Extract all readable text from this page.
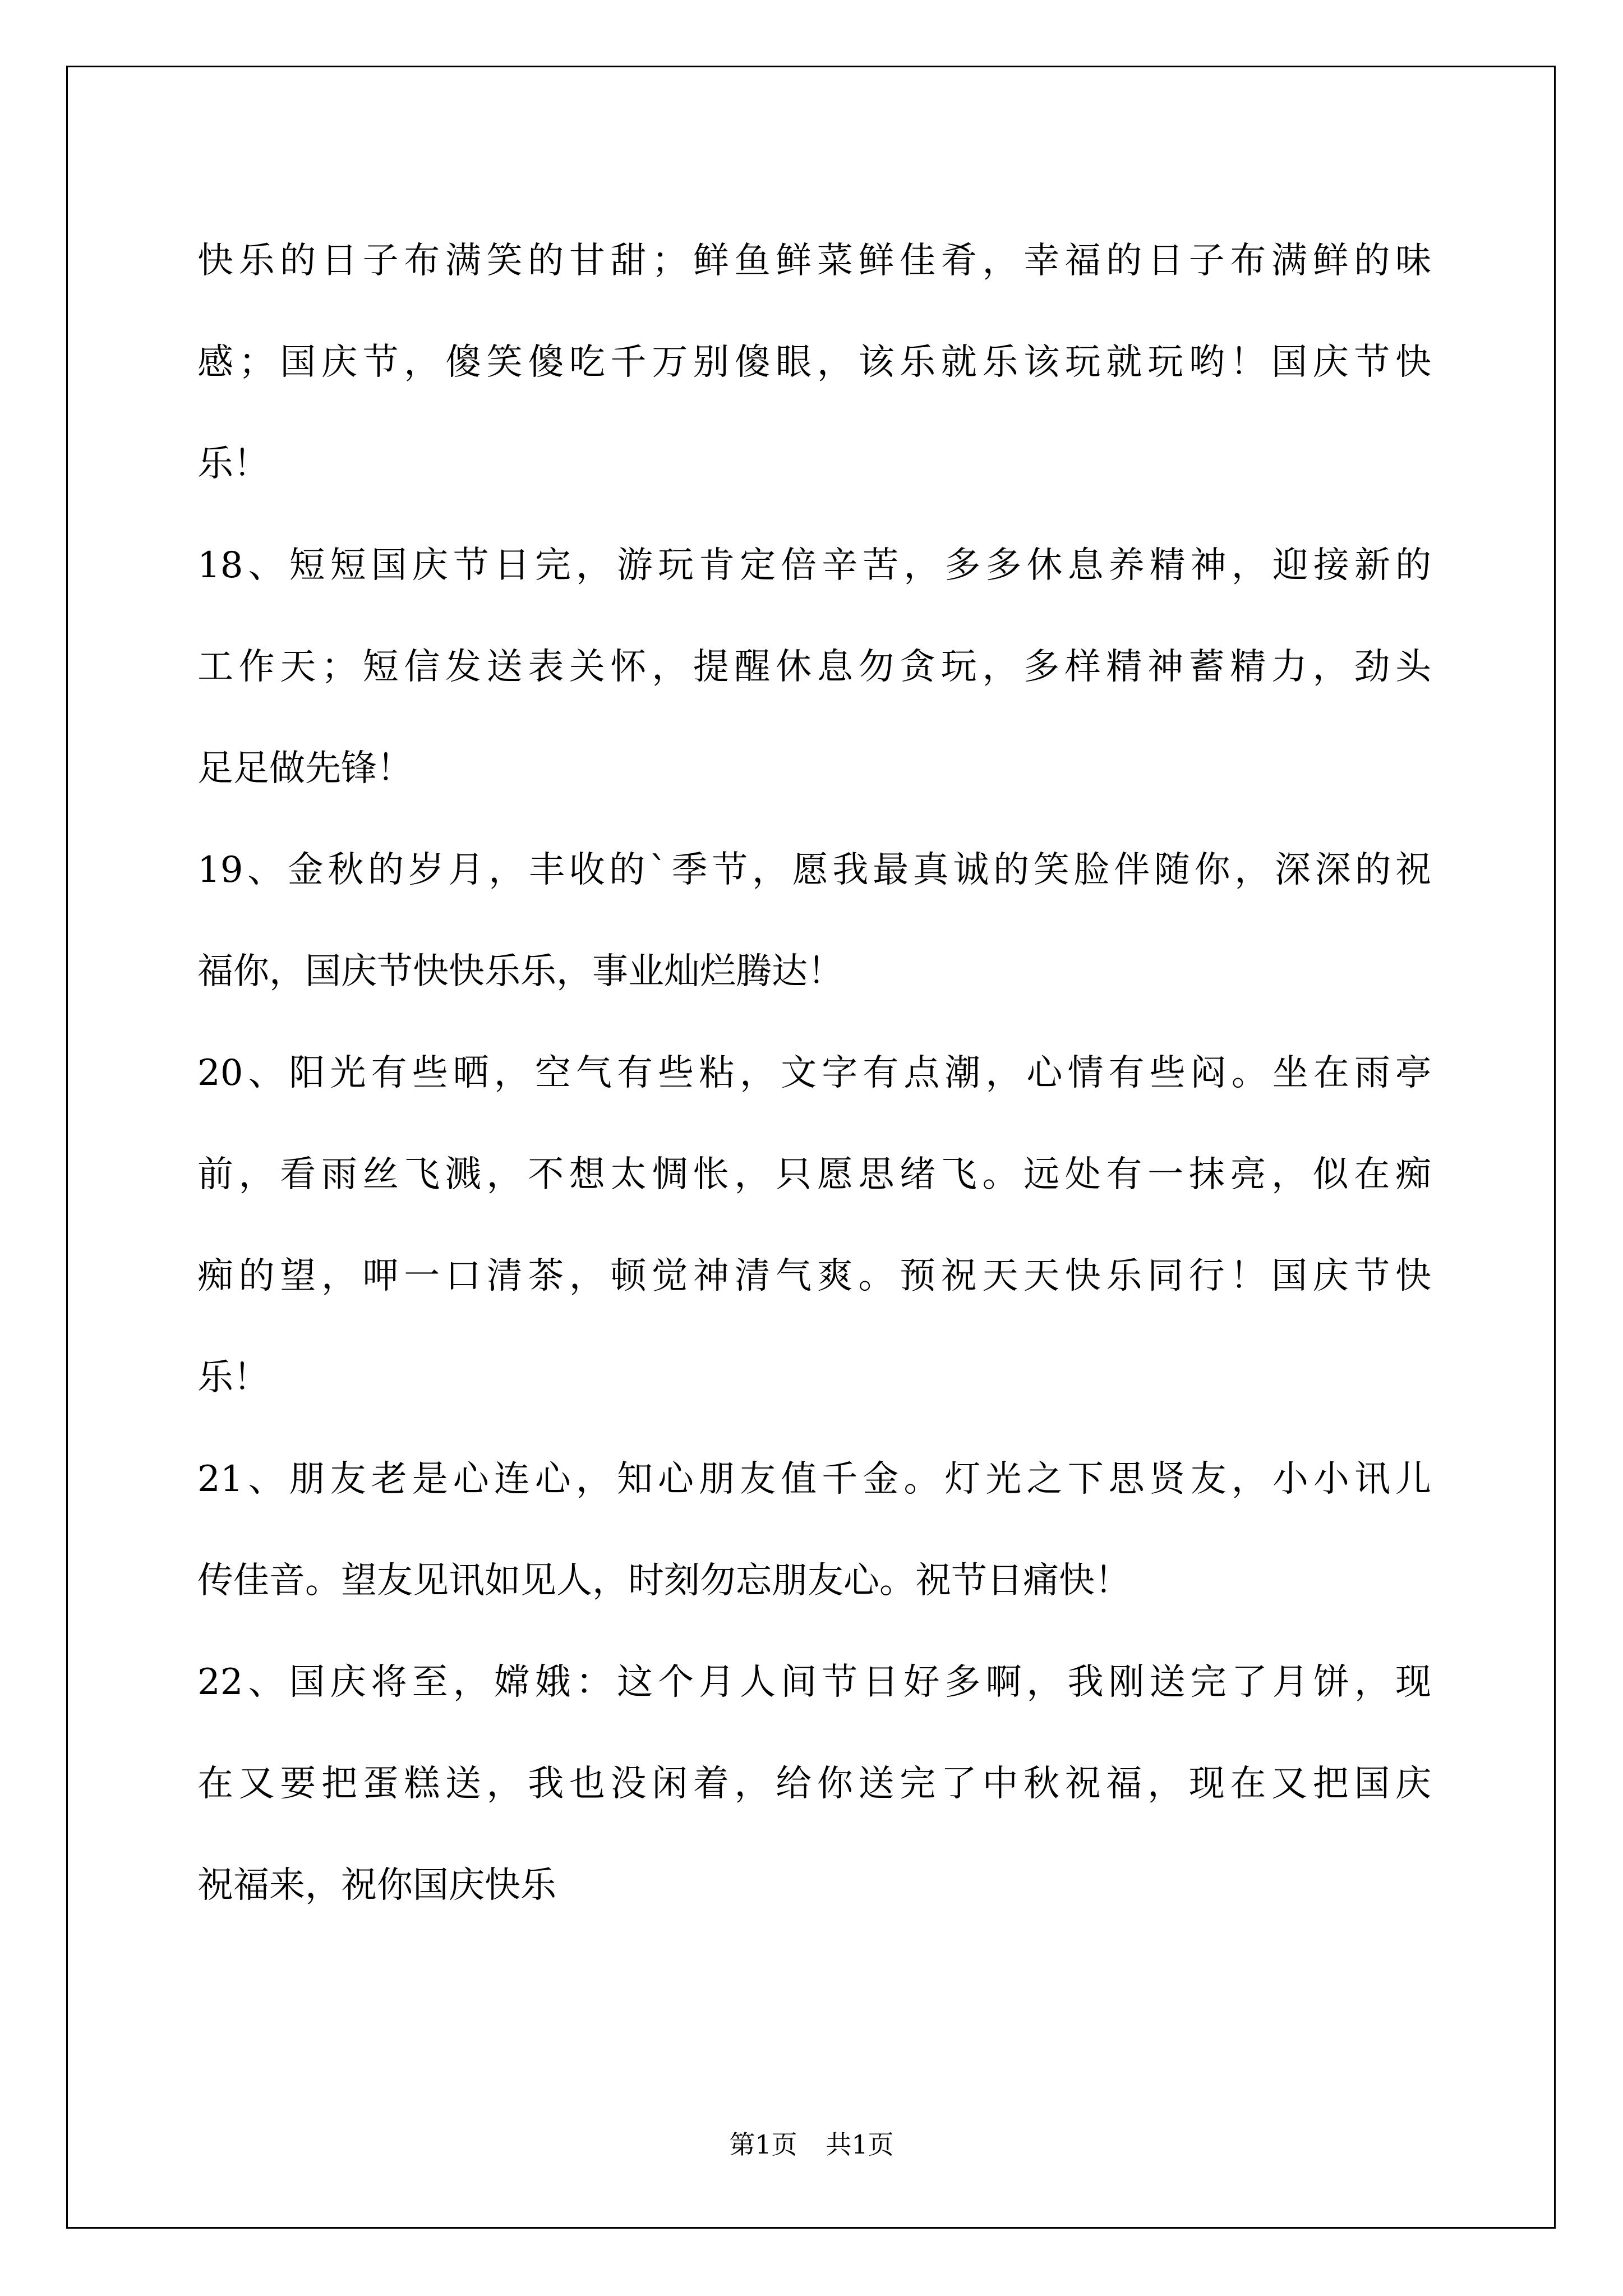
快乐的日子布满笑的甘甜；鲜鱼鲜菜鲜佳肴，幸福的日子布满鲜的味
感；国庆节，傻笑傻吃千万别傻眼，该乐就乐该玩就玩哟！国庆节快
乐！
18、短短国庆节日完，游玩肯定倍辛苦，多多休息养精神，迎接新的
工作天；短信发送表关怀，提醒休息勿贪玩，多样精神蓄精力，劲头
足足做先锋！
19、金秋的岁月，丰收的`季节，愿我最真诚的笑脸伴随你，深深的祝
福你，国庆节快快乐乐，事业灿烂腾达！
20、阳光有些晒，空气有些粘，文字有点潮，心情有些闷。坐在雨亭
前，看雨丝飞溅，不想太惆怅，只愿思绪飞。远处有一抹亮，似在痴
痴的望，呷一口清茶，顿觉神清气爽。预祝天天快乐同行！国庆节快
乐！
21、朋友老是心连心，知心朋友值千金。灯光之下思贤友，小小讯儿
传佳音。望友见讯如见人，时刻勿忘朋友心。祝节日痛快！
22、国庆将至，嫦娥：这个月人间节日好多啊，我刚送完了月饼，现
在又要把蛋糕送，我也没闲着，给你送完了中秋祝福，现在又把国庆
祝福来，祝你国庆快乐
第1页 共1页
